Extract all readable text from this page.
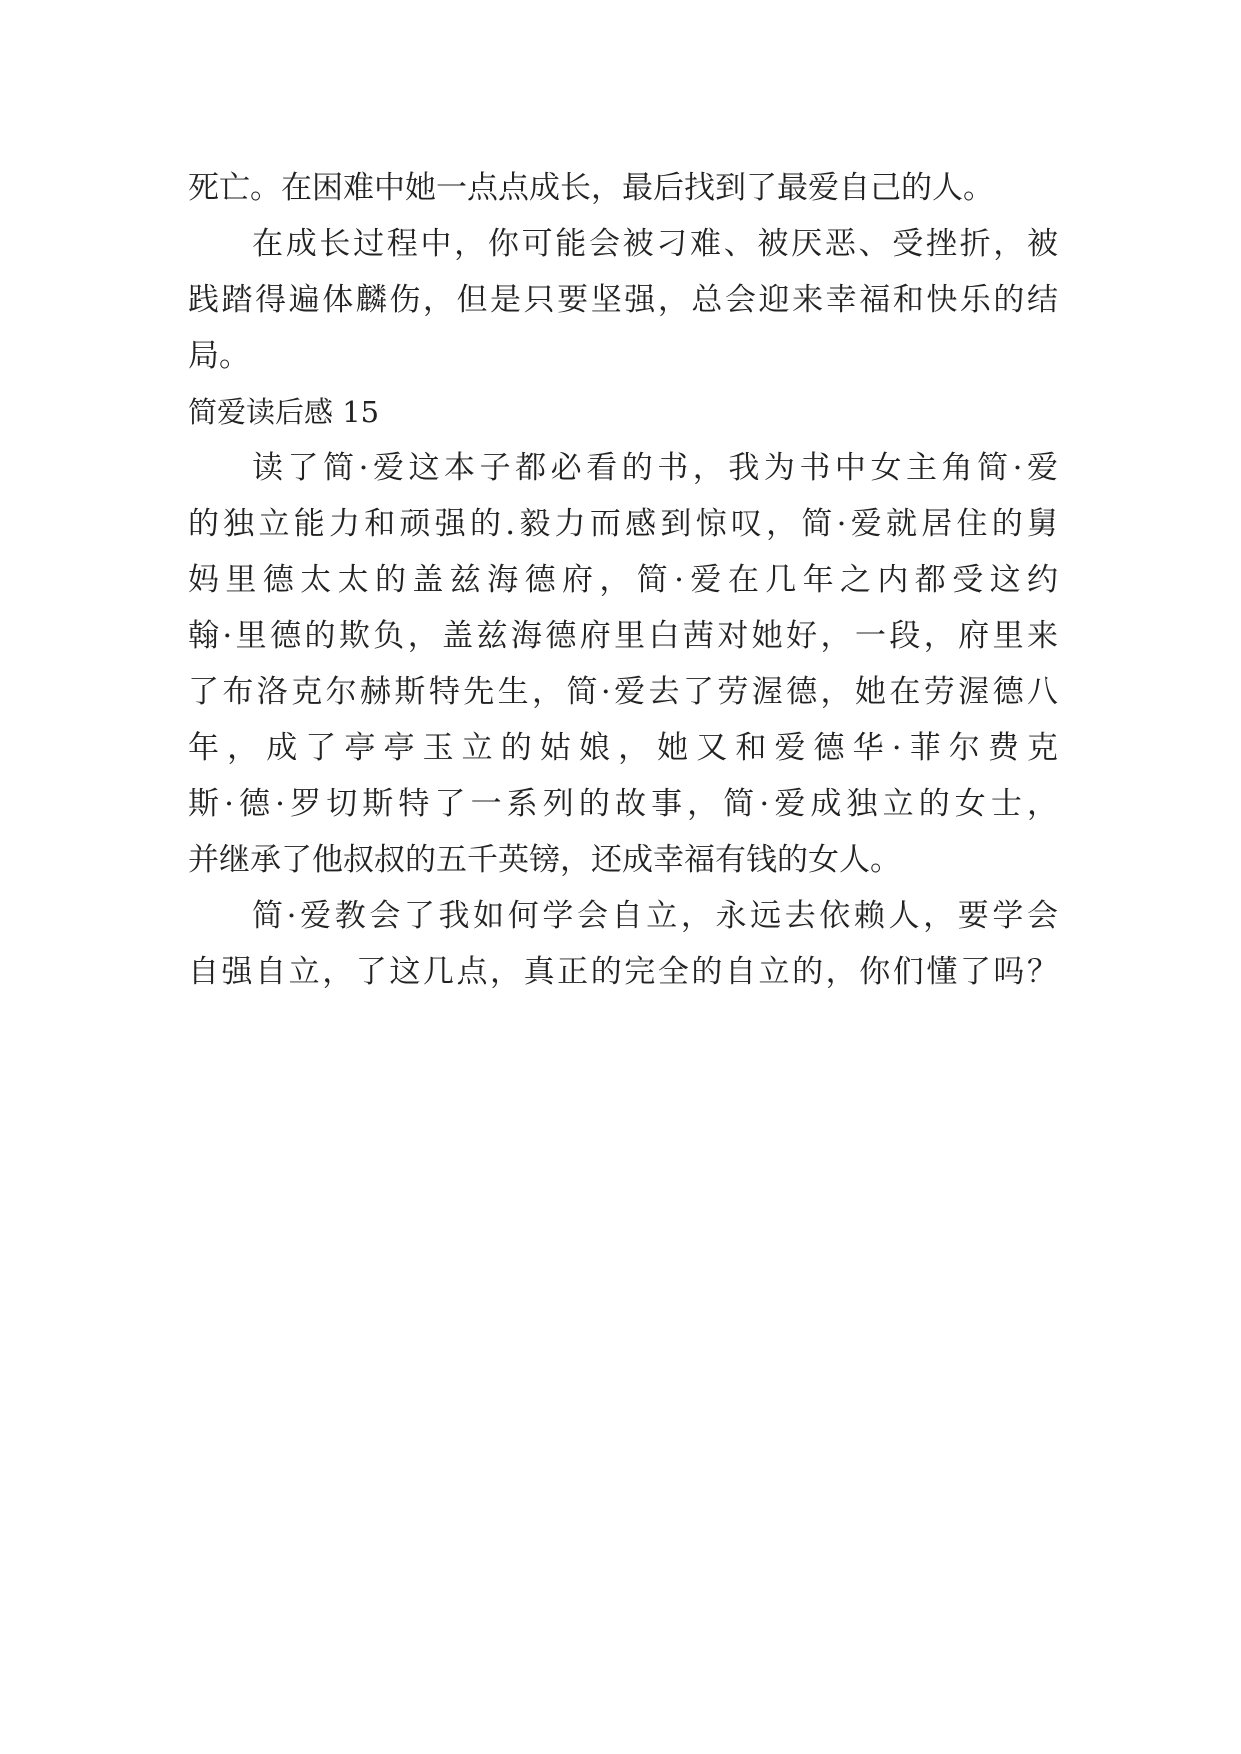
死亡。在困难中她一点点成长，最后找到了最爱自己的人。
在成长过程中，你可能会被刁难、被厌恶、受挫折，被
践踏得遍体麟伤，但是只要坚强，总会迎来幸福和快乐的结
局。
简爱读后感 15
读了简·爱这本子都必看的书，我为书中女主角简·爱
的独立能力和顽强的.毅力而感到惊叹，简·爱就居住的舅
妈里德太太的盖兹海德府，简·爱在几年之内都受这约
翰·里德的欺负，盖兹海德府里白茜对她好，一段，府里来
了布洛克尔赫斯特先生，简·爱去了劳渥德，她在劳渥德八
年，成了亭亭玉立的姑娘，她又和爱德华·菲尔费克
斯·德·罗切斯特了一系列的故事，简·爱成独立的女士，
并继承了他叔叔的五千英镑，还成幸福有钱的女人。
简·爱教会了我如何学会自立，永远去依赖人，要学会
自强自立，了这几点，真正的完全的自立的，你们懂了吗？
